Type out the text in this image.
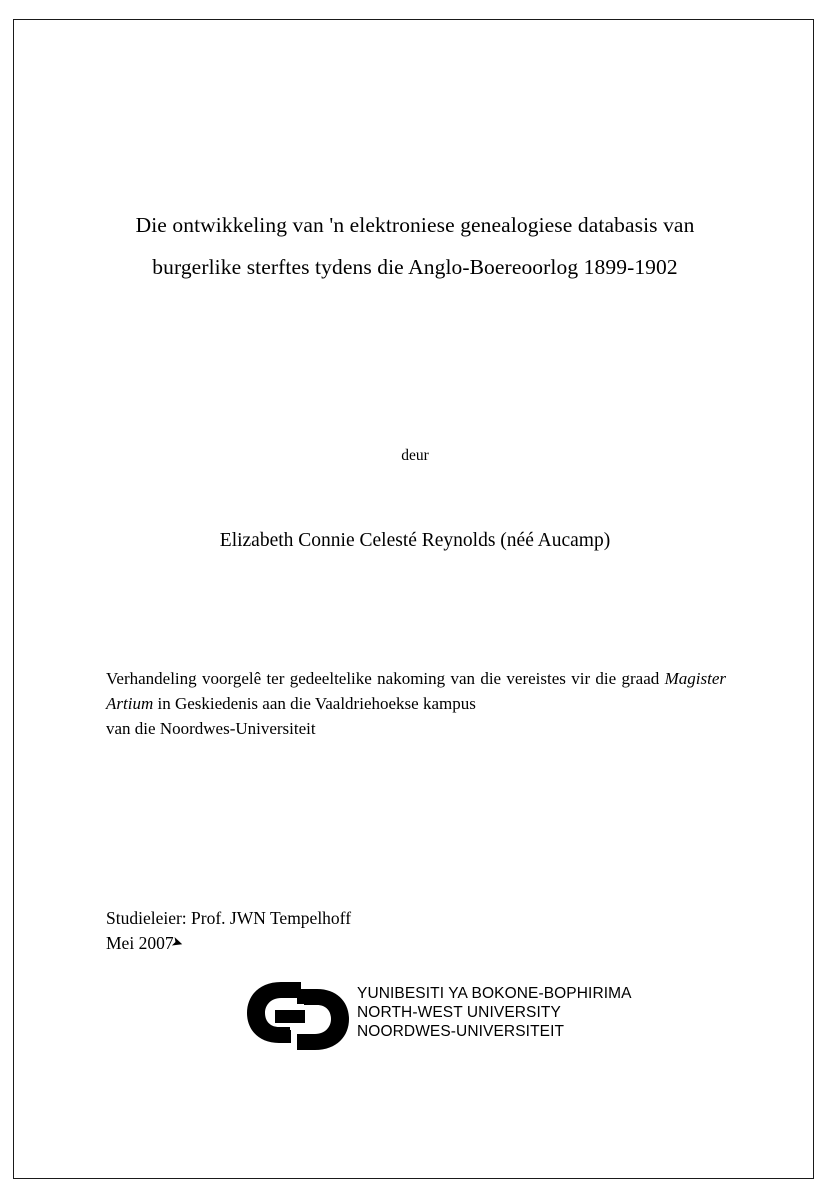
Die ontwikkeling van 'n elektroniese genealogiese databasis van
burgerlike sterftes tydens die Anglo-Boereoorlog 1899-1902
deur
Elizabeth Connie Celesté Reynolds (néé Aucamp)
Verhandeling voorgelê ter gedeeltelike nakoming van die vereistes vir die graad Magister Artium in Geskiedenis aan die Vaaldriehoekse kampus
van die Noordwes-Universiteit
Studieleier: Prof. JWN Tempelhoff
Mei 2007
➤
YUNIBESITI YA BOKONE-BOPHIRIMA
NORTH-WEST UNIVERSITY
NOORDWES-UNIVERSITEIT
